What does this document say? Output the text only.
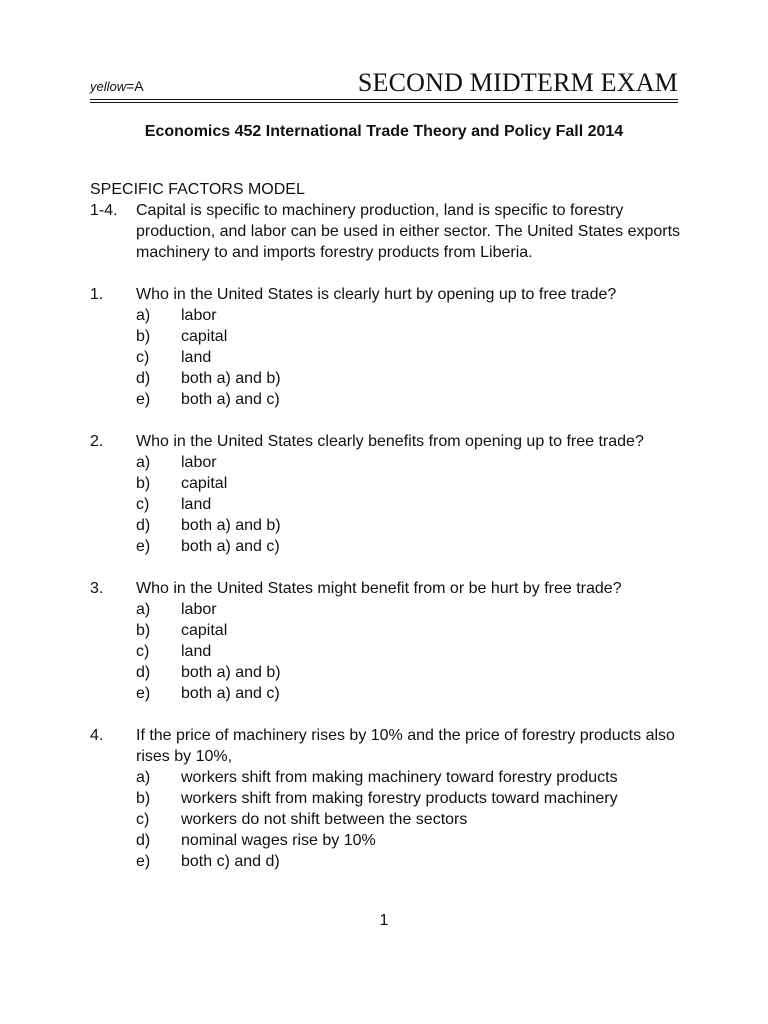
yellow=A	SECOND MIDTERM EXAM
Economics 452 International Trade Theory and Policy Fall 2014
SPECIFIC FACTORS MODEL
1-4.	Capital is specific to machinery production, land is specific to forestry production, and labor can be used in either sector. The United States exports machinery to and imports forestry products from Liberia.
1.	Who in the United States is clearly hurt by opening up to free trade?
a)	labor
b)	capital
c)	land
d)	both a) and b)
e)	both a) and c)
2.	Who in the United States clearly benefits from opening up to free trade?
a)	labor
b)	capital
c)	land
d)	both a) and b)
e)	both a) and c)
3.	Who in the United States might benefit from or be hurt by free trade?
a)	labor
b)	capital
c)	land
d)	both a) and b)
e)	both a) and c)
4.	If the price of machinery rises by 10% and the price of forestry products also rises by 10%,
a)	workers shift from making machinery toward forestry products
b)	workers shift from making forestry products toward machinery
c)	workers do not shift between the sectors
d)	nominal wages rise by 10%
e)	both c) and d)
1
